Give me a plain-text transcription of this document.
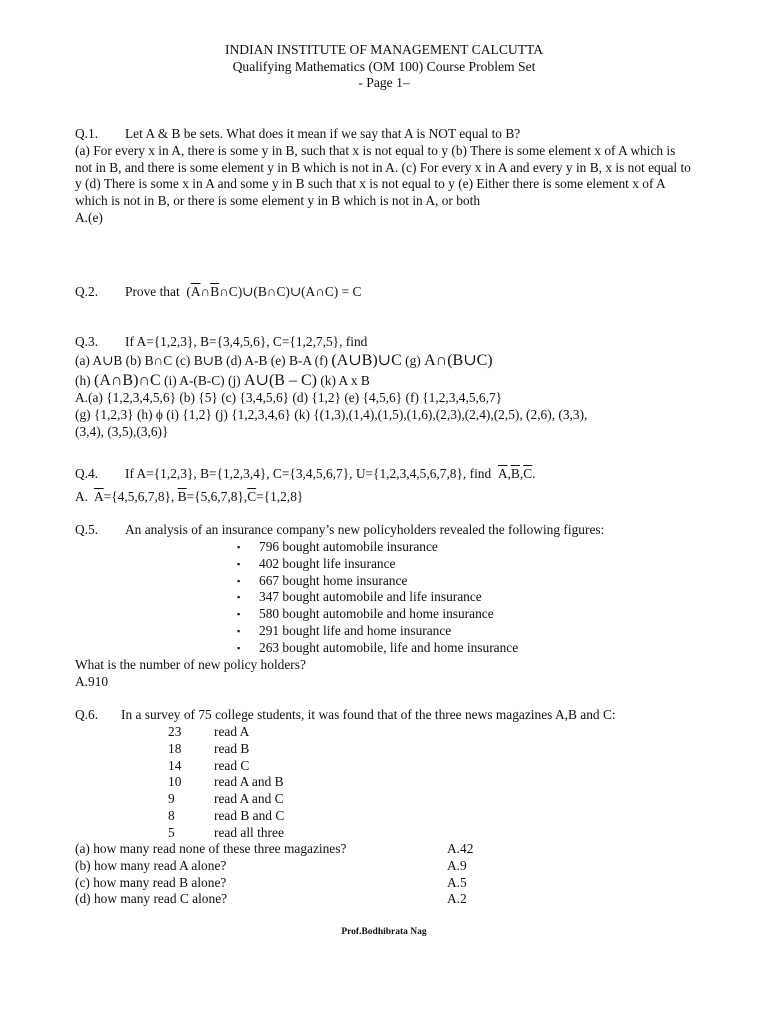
INDIAN INSTITUTE OF MANAGEMENT CALCUTTA
Qualifying Mathematics (OM 100) Course Problem Set
- Page 1–
Q.1. Let A & B be sets. What does it mean if we say that A is NOT equal to B?
(a) For every x in A, there is some y in B, such that x is not equal to y (b) There is some element x of A which is not in B, and there is some element y in B which is not in A. (c) For every x in A and every y in B, x is not equal to y (d) There is some x in A and some y in B such that x is not equal to y (e) Either there is some element x of A which is not in B, or there is some element y in B which is not in A, or both
A.(e)
Q.2. Prove that $(\overline{A}\cap\overline{B}\cap C)\cup(B\cap C)\cup(A\cap C) = C$
Q.3. If A={1,2,3}, B={3,4,5,6}, C={1,2,7,5}, find
(a) A∪B (b) B∩C (c) B∪B (d) A-B (e) B-A (f) (A∪B)∪C (g) A∩(B∪C)
(h) (A∩B)∩C (i) A-(B-C) (j) A∪(B – C) (k) A x B
A.(a) {1,2,3,4,5,6} (b) {5} (c) {3,4,5,6} (d) {1,2} (e) {4,5,6} (f) {1,2,3,4,5,6,7}
(g) {1,2,3} (h) ϕ (i) {1,2} (j) {1,2,3,4,6} (k) {(1,3),(1,4),(1,5),(1,6),(2,3),(2,4),(2,5), (2,6), (3,3),
(3,4), (3,5),(3,6)}
Q.4. If A={1,2,3}, B={1,2,3,4}, C={3,4,5,6,7}, U={1,2,3,4,5,6,7,8}, find $\overline{A},\overline{B},\overline{C}$.
A. $\overline{A}=\{4,5,6,7,8\}$, $\overline{B}=\{5,6,7,8\},\overline{C}=\{1,2,8\}$
Q.5. An analysis of an insurance company’s new policyholders revealed the following figures:
▪ 796 bought automobile insurance
▪ 402 bought life insurance
▪ 667 bought home insurance
▪ 347 bought automobile and life insurance
▪ 580 bought automobile and home insurance
▪ 291 bought life and home insurance
▪ 263 bought automobile, life and home insurance
What is the number of new policy holders?
A.910
Q.6. In a survey of 75 college students, it was found that of the three news magazines A,B and C:
23 read A
18 read B
14 read C
10 read A and B
9	read A and C
8	read B and C
5	read all three
(a) how many read none of these three magazines?	A.42
(b) how many read A alone?	A.9
(c) how many read B alone?	A.5
(d) how many read C alone?	A.2
Prof.Bodhibrata Nag
